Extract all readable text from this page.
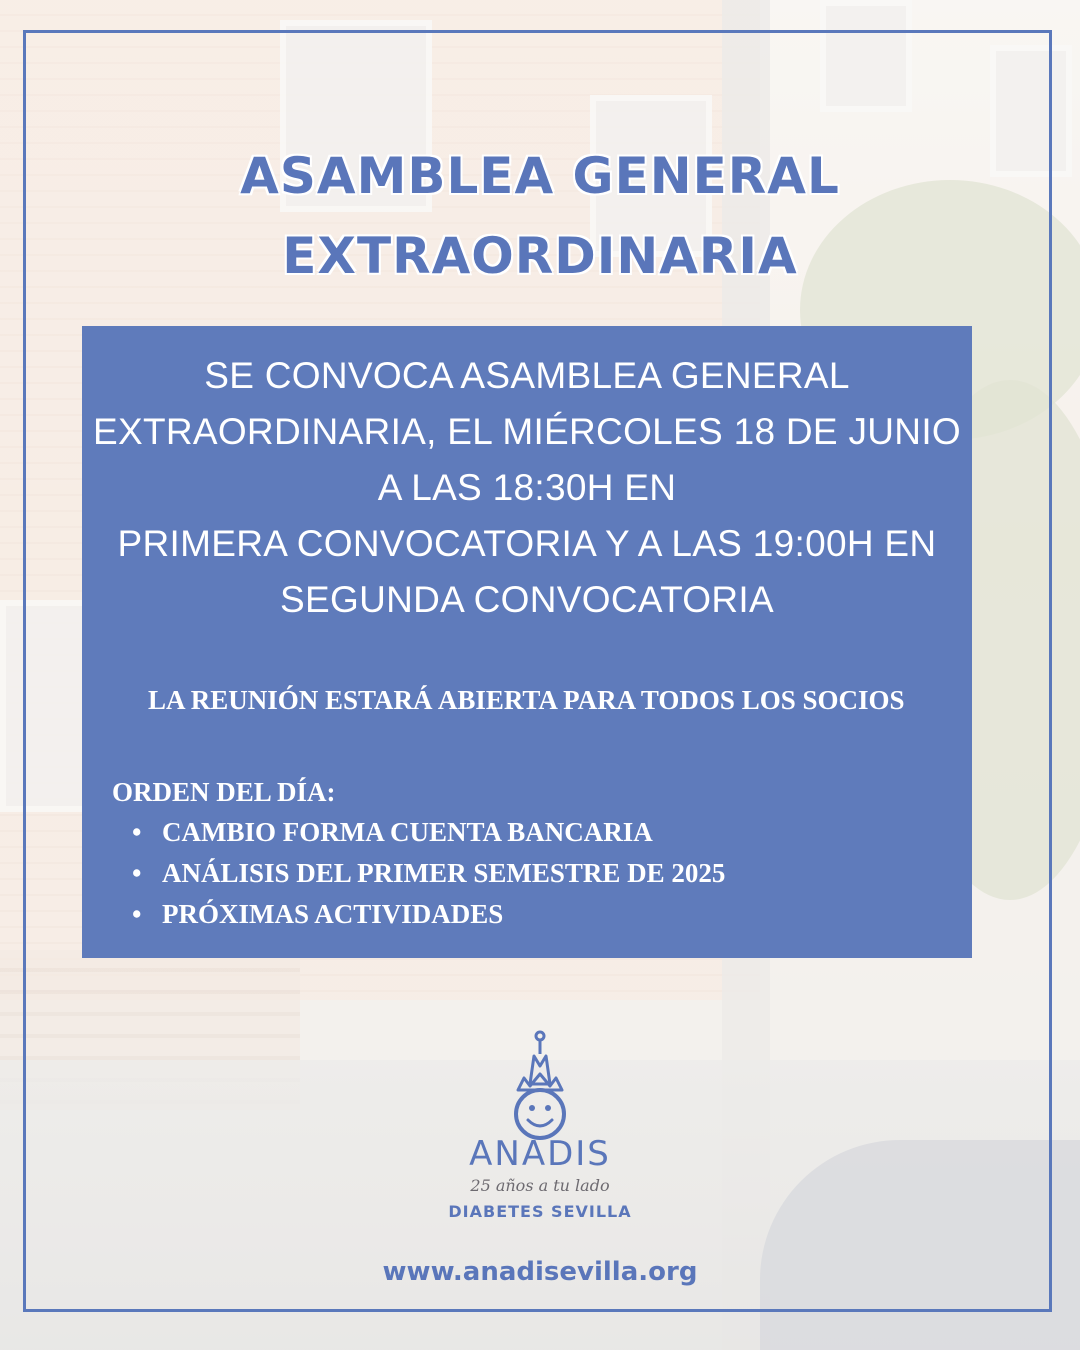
ASAMBLEA GENERAL
EXTRAORDINARIA
SE CONVOCA ASAMBLEA GENERAL
EXTRAORDINARIA, EL MIÉRCOLES 18 DE JUNIO
A LAS 18:30H EN
PRIMERA CONVOCATORIA Y A LAS 19:00H EN
SEGUNDA CONVOCATORIA
LA REUNIÓN ESTARÁ ABIERTA PARA TODOS LOS SOCIOS
ORDEN DEL DÍA:
• CAMBIO FORMA CUENTA BANCARIA
• ANÁLISIS DEL PRIMER SEMESTRE DE 2025
• PRÓXIMAS ACTIVIDADES
ANADIS
25 años a tu lado
DIABETES SEVILLA
www.anadisevilla.org
